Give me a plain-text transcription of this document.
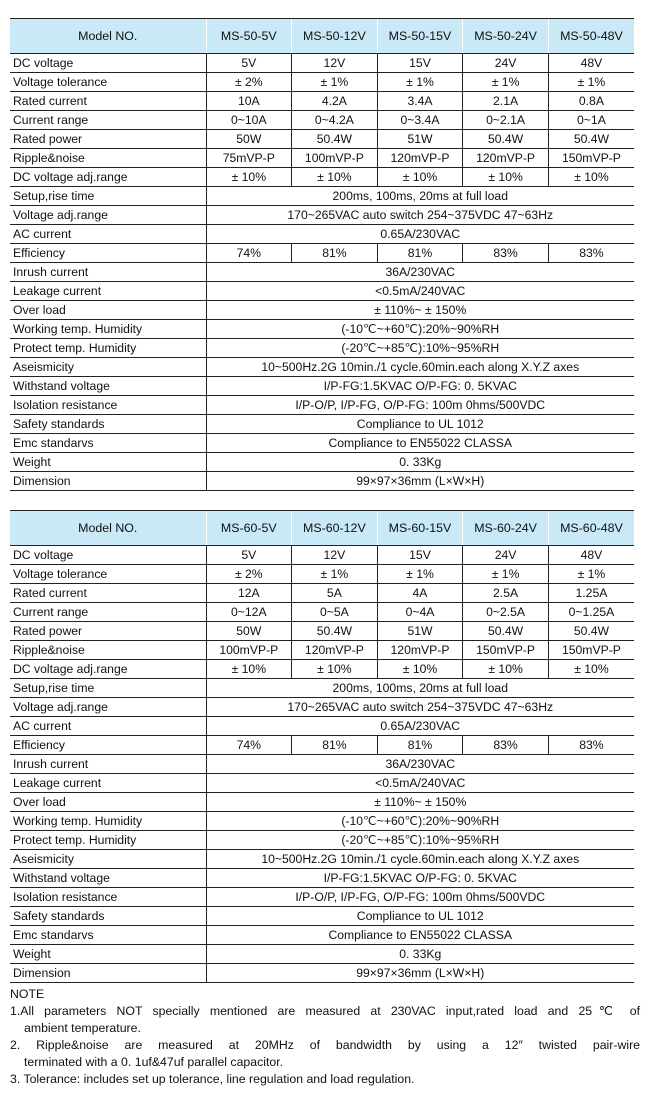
Model NO.	MS-50-5V	MS-50-12V	MS-50-15V	MS-50-24V	MS-50-48V
DC voltage	5V	12V	15V	24V	48V
Voltage tolerance	± 2%	± 1%	± 1%	± 1%	± 1%
Rated current	10A	4.2A	3.4A	2.1A	0.8A
Current range	0~10A	0~4.2A	0~3.4A	0~2.1A	0~1A
Rated power	50W	50.4W	51W	50.4W	50.4W
Ripple&noise	75mVP-P	100mVP-P	120mVP-P	120mVP-P	150mVP-P
DC voltage adj.range	± 10%	± 10%	± 10%	± 10%	± 10%
Setup,rise time	200ms, 100ms, 20ms at full load				
Voltage adj.range	170~265VAC auto switch 254~375VDC 47~63Hz				
AC current	0.65A/230VAC				
Efficiency	74%	81%	81%	83%	83%
Inrush current	36A/230VAC				
Leakage current	<0.5mA/240VAC				
Over load	± 110%~ ± 150%				
Working temp. Humidity	(-10℃~+60℃):20%~90%RH				
Protect temp. Humidity	(-20℃~+85℃):10%~95%RH				
Aseismicity	10~500Hz.2G 10min./1 cycle.60min.each along X.Y.Z axes				
Withstand voltage	I/P-FG:1.5KVAC O/P-FG: 0. 5KVAC				
Isolation resistance	I/P-O/P, I/P-FG, O/P-FG: 100m 0hms/500VDC				
Safety standards	Compliance to UL 1012				
Emc standarvs	Compliance to EN55022 CLASSA				
Weight	0. 33Kg				
Dimension	99×97×36mm (L×W×H)				
Model NO.	MS-60-5V	MS-60-12V	MS-60-15V	MS-60-24V	MS-60-48V
DC voltage	5V	12V	15V	24V	48V
Voltage tolerance	± 2%	± 1%	± 1%	± 1%	± 1%
Rated current	12A	5A	4A	2.5A	1.25A
Current range	0~12A	0~5A	0~4A	0~2.5A	0~1.25A
Rated power	50W	50.4W	51W	50.4W	50.4W
Ripple&noise	100mVP-P	120mVP-P	120mVP-P	150mVP-P	150mVP-P
DC voltage adj.range	± 10%	± 10%	± 10%	± 10%	± 10%
Setup,rise time	200ms, 100ms, 20ms at full load				
Voltage adj.range	170~265VAC auto switch 254~375VDC 47~63Hz				
AC current	0.65A/230VAC				
Efficiency	74%	81%	81%	83%	83%
Inrush current	36A/230VAC				
Leakage current	<0.5mA/240VAC				
Over load	± 110%~ ± 150%				
Working temp. Humidity	(-10℃~+60℃):20%~90%RH				
Protect temp. Humidity	(-20℃~+85℃):10%~95%RH				
Aseismicity	10~500Hz.2G 10min./1 cycle.60min.each along X.Y.Z axes				
Withstand voltage	I/P-FG:1.5KVAC O/P-FG: 0. 5KVAC				
Isolation resistance	I/P-O/P, I/P-FG, O/P-FG: 100m 0hms/500VDC				
Safety standards	Compliance to UL 1012				
Emc standarvs	Compliance to EN55022 CLASSA				
Weight	0. 33Kg				
Dimension	99×97×36mm (L×W×H)				

NOTE

1.All parameters NOT specially mentioned are measured at 230VAC input,rated load and 25℃ of

ambient temperature.

2. Ripple&noise are measured at 20MHz of bandwidth by using a 12″ twisted pair-wire

terminated with a 0. 1uf&47uf parallel capacitor.

3. Tolerance: includes set up tolerance, line regulation and load regulation.
